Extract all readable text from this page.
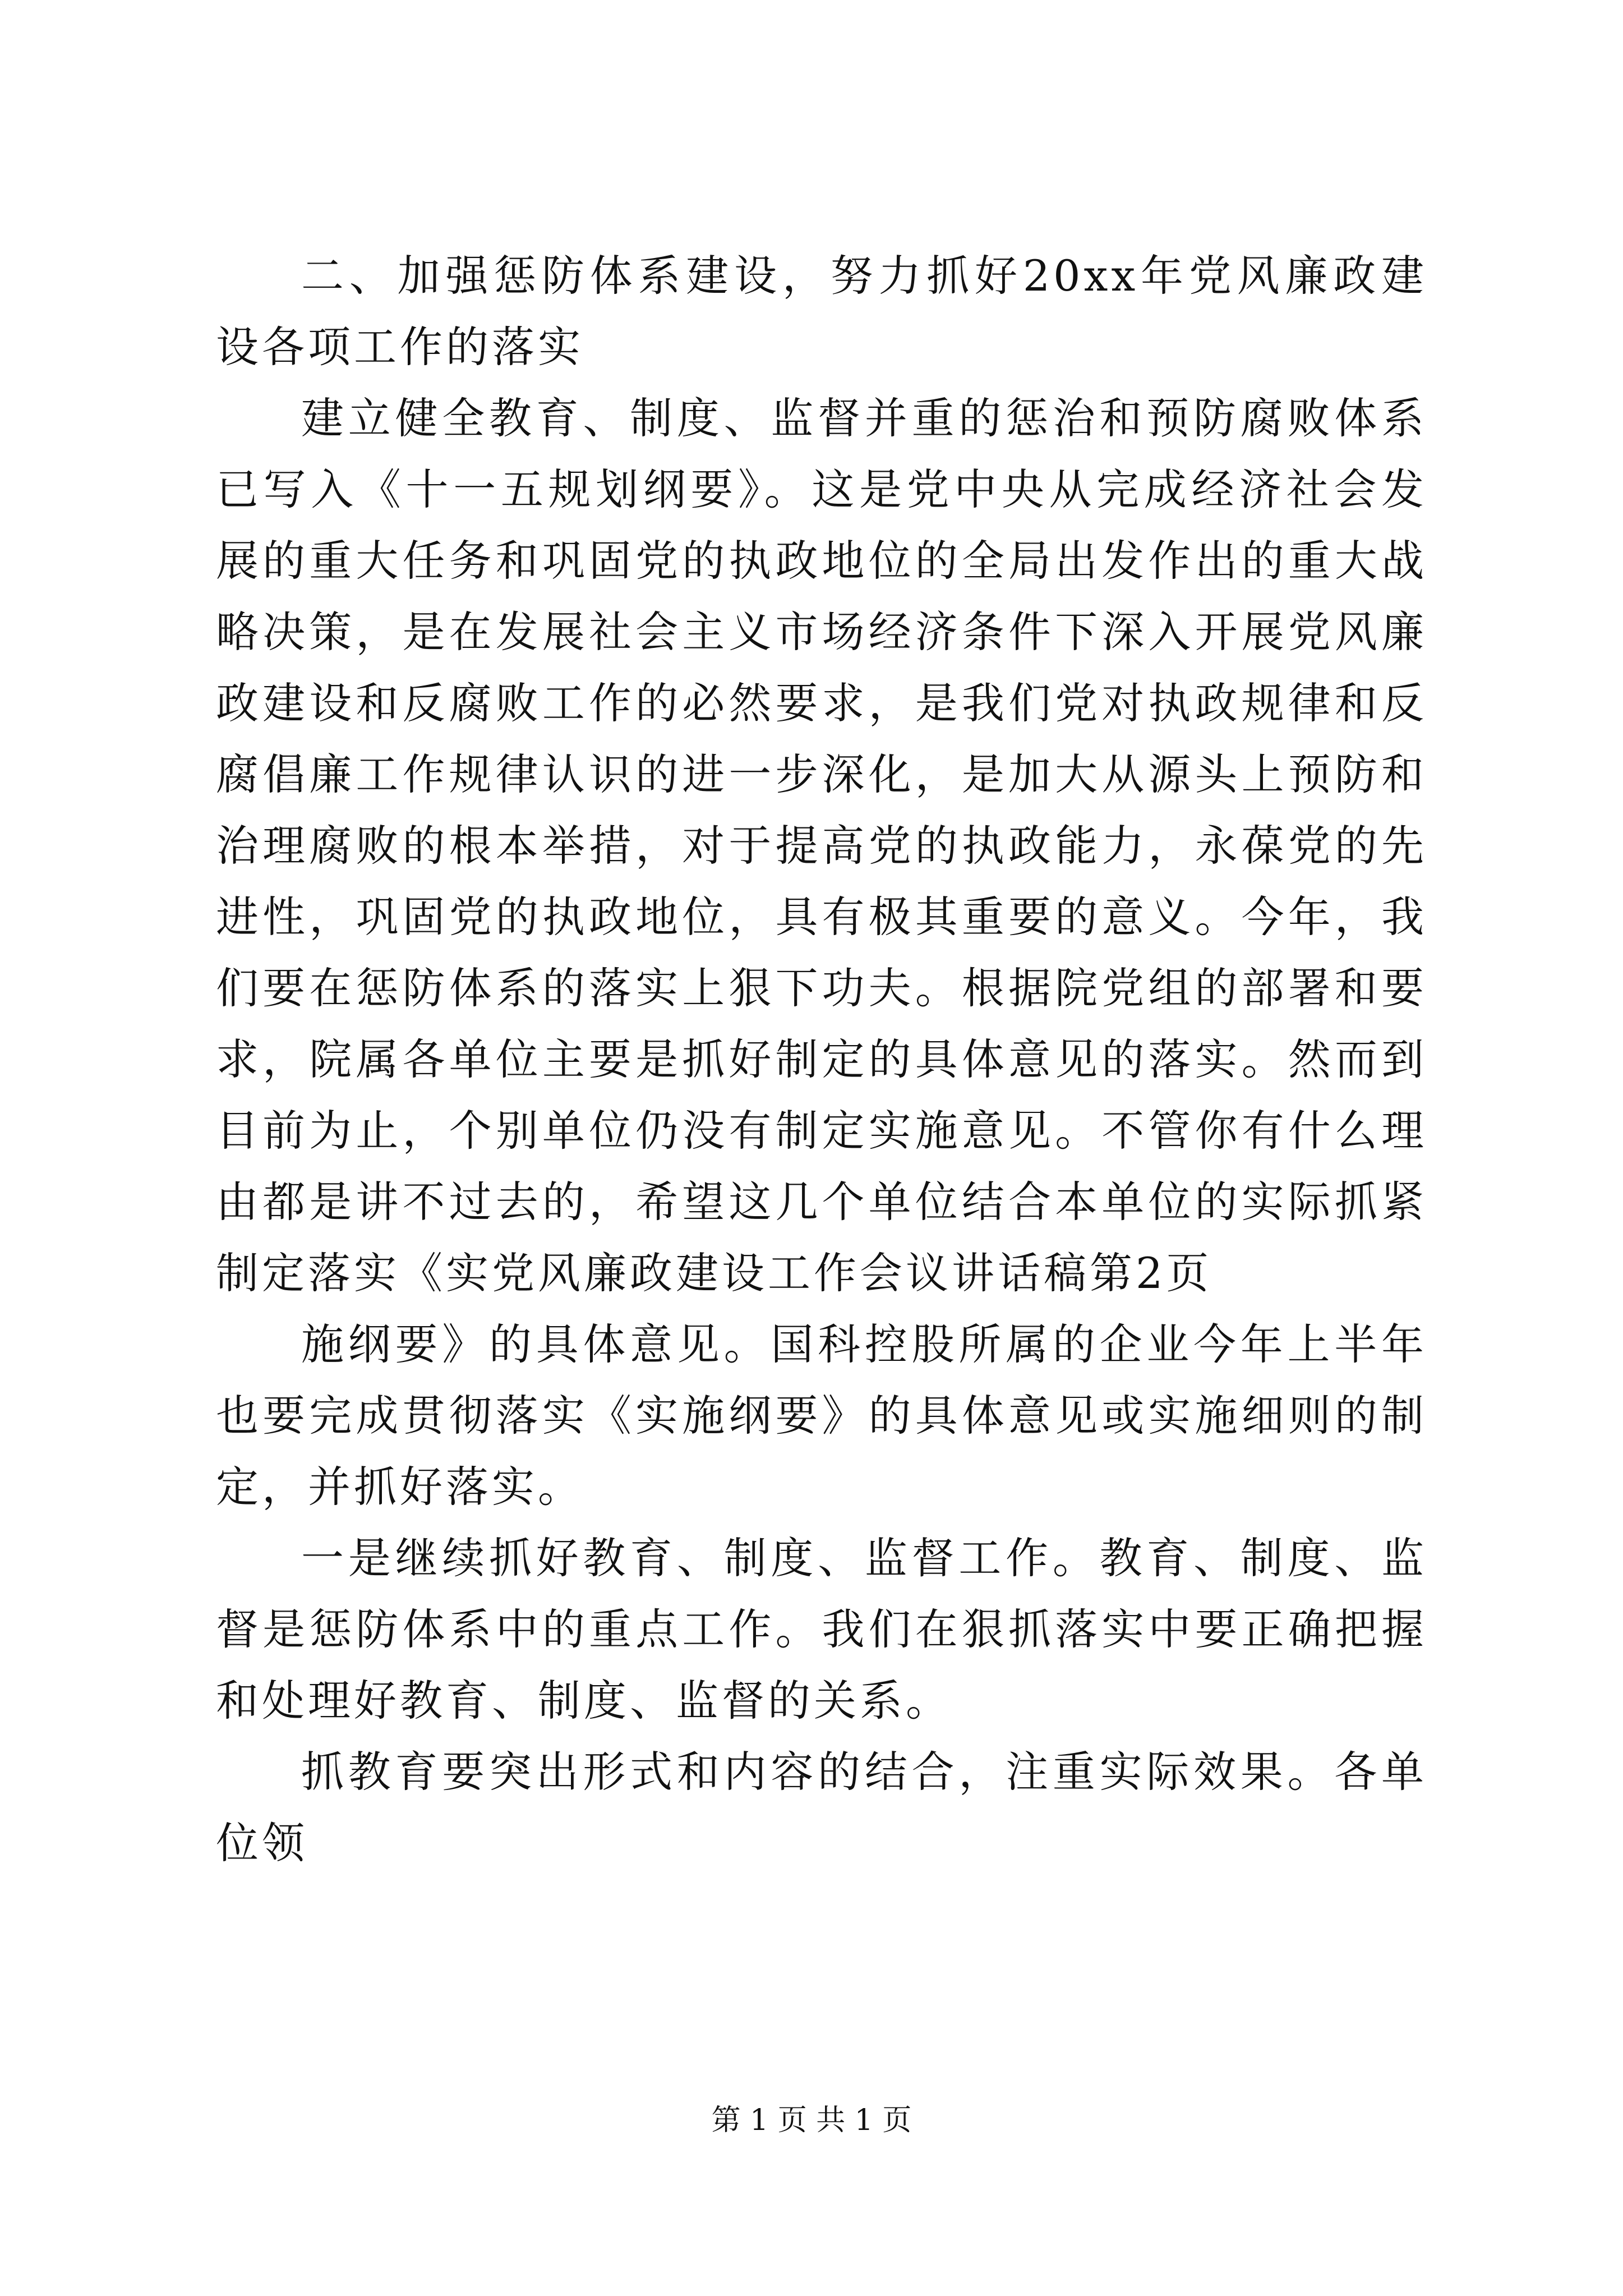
二、加强惩防体系建设，努力抓好20xx年党风廉政建设各项工作的落实

建立健全教育、制度、监督并重的惩治和预防腐败体系已写入《十一五规划纲要》。这是党中央从完成经济社会发展的重大任务和巩固党的执政地位的全局出发作出的重大战略决策，是在发展社会主义市场经济条件下深入开展党风廉政建设和反腐败工作的必然要求，是我们党对执政规律和反腐倡廉工作规律认识的进一步深化，是加大从源头上预防和治理腐败的根本举措，对于提高党的执政能力，永葆党的先进性，巩固党的执政地位，具有极其重要的意义。今年，我们要在惩防体系的落实上狠下功夫。根据院党组的部署和要求，院属各单位主要是抓好制定的具体意见的落实。然而到目前为止，个别单位仍没有制定实施意见。不管你有什么理由都是讲不过去的，希望这几个单位结合本单位的实际抓紧制定落实《实党风廉政建设工作会议讲话稿第2页

施纲要》的具体意见。国科控股所属的企业今年上半年也要完成贯彻落实《实施纲要》的具体意见或实施细则的制定，并抓好落实。

一是继续抓好教育、制度、监督工作。教育、制度、监督是惩防体系中的重点工作。我们在狠抓落实中要正确把握和处理好教育、制度、监督的关系。

抓教育要突出形式和内容的结合，注重实际效果。各单位领

第 1 页 共 1 页
